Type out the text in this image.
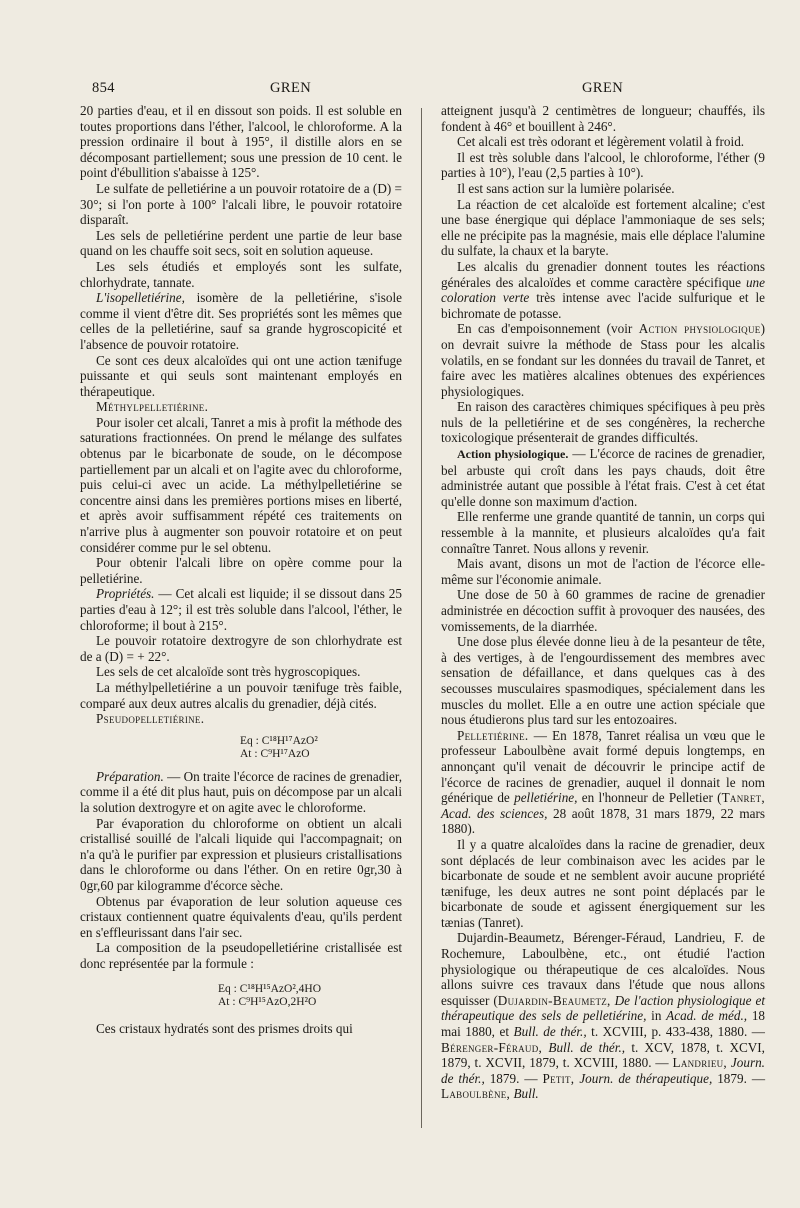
854	GREN	GREN

20 parties d'eau, et il en dissout son poids. Il est soluble en toutes proportions dans l'éther, l'alcool, le chloroforme. A la pression ordinaire il bout à 195°, il distille alors en se décomposant partiellement; sous une pression de 10 cent. le point d'ébullition s'abaisse à 125°.

Le sulfate de pelletiérine a un pouvoir rotatoire de a (D) = 30°; si l'on porte à 100° l'alcali libre, le pouvoir rotatoire disparaît.

Les sels de pelletiérine perdent une partie de leur base quand on les chauffe soit secs, soit en solution aqueuse.

Les sels étudiés et employés sont les sulfate, chlorhydrate, tannate.

L'isopelletiérine, isomère de la pelletiérine, s'isole comme il vient d'être dit. Ses propriétés sont les mêmes que celles de la pelletiérine, sauf sa grande hygroscopicité et l'absence de pouvoir rotatoire.

Ce sont ces deux alcaloïdes qui ont une action tænifuge puissante et qui seuls sont maintenant employés en thérapeutique.

Méthylpelletiérine.

Pour isoler cet alcali, Tanret a mis à profit la méthode des saturations fractionnées. On prend le mélange des sulfates obtenus par le bicarbonate de soude, on le décompose partiellement par un alcali et on l'agite avec du chloroforme, puis celui-ci avec un acide. La méthylpelletiérine se concentre ainsi dans les premières portions mises en liberté, et après avoir suffisamment répété ces traitements on n'arrive plus à augmenter son pouvoir rotatoire et on peut considérer comme pur le sel obtenu.

Pour obtenir l'alcali libre on opère comme pour la pelletiérine.

Propriétés. — Cet alcali est liquide; il se dissout dans 25 parties d'eau à 12°; il est très soluble dans l'alcool, l'éther, le chloroforme; il bout à 215°.

Le pouvoir rotatoire dextrogyre de son chlorhydrate est de a (D) = + 22°.

Les sels de cet alcaloïde sont très hygroscopiques.

La méthylpelletiérine a un pouvoir tænifuge très faible, comparé aux deux autres alcalis du grenadier, déjà cités.

Pseudopelletiérine.

Eq : C¹⁸H¹⁷AzO²
At : C⁹H¹⁷AzO

Préparation. — On traite l'écorce de racines de grenadier, comme il a été dit plus haut, puis on décompose par un alcali la solution dextrogyre et on agite avec le chloroforme.

Par évaporation du chloroforme on obtient un alcali cristallisé souillé de l'alcali liquide qui l'accompagnait; on n'a qu'à le purifier par expression et plusieurs cristallisations dans le chloroforme ou dans l'éther. On en retire 0gr,30 à 0gr,60 par kilogramme d'écorce sèche.

Obtenus par évaporation de leur solution aqueuse ces cristaux contiennent quatre équivalents d'eau, qu'ils perdent en s'effleurissant dans l'air sec.

La composition de la pseudopelletiérine cristallisée est donc représentée par la formule :

Eq : C¹⁸H¹⁵AzO²,4HO
At : C⁹H¹⁵AzO,2H²O

Ces cristaux hydratés sont des prismes droits qui

atteignent jusqu'à 2 centimètres de longueur; chauffés, ils fondent à 46° et bouillent à 246°.

Cet alcali est très odorant et légèrement volatil à froid.

Il est très soluble dans l'alcool, le chloroforme, l'éther (9 parties à 10°), l'eau (2,5 parties à 10°).

Il est sans action sur la lumière polarisée.

La réaction de cet alcaloïde est fortement alcaline; c'est une base énergique qui déplace l'ammoniaque de ses sels; elle ne précipite pas la magnésie, mais elle déplace l'alumine du sulfate, la chaux et la baryte.

Les alcalis du grenadier donnent toutes les réactions générales des alcaloïdes et comme caractère spécifique une coloration verte très intense avec l'acide sulfurique et le bichromate de potasse.

En cas d'empoisonnement (voir Action physiologique) on devrait suivre la méthode de Stass pour les alcalis volatils, en se fondant sur les données du travail de Tanret, et faire avec les matières alcalines obtenues des expériences physiologiques.

En raison des caractères chimiques spécifiques à peu près nuls de la pelletiérine et de ses congénères, la recherche toxicologique présenterait de grandes difficultés.

Action physiologique. — L'écorce de racines de grenadier, bel arbuste qui croît dans les pays chauds, doit être administrée autant que possible à l'état frais. C'est à cet état qu'elle donne son maximum d'action.

Elle renferme une grande quantité de tannin, un corps qui ressemble à la mannite, et plusieurs alcaloïdes qu'a fait connaître Tanret. Nous allons y revenir.

Mais avant, disons un mot de l'action de l'écorce elle-même sur l'économie animale.

Une dose de 50 à 60 grammes de racine de grenadier administrée en décoction suffit à provoquer des nausées, des vomissements, de la diarrhée.

Une dose plus élevée donne lieu à de la pesanteur de tête, à des vertiges, à de l'engourdissement des membres avec sensation de défaillance, et dans quelques cas à des secousses musculaires spasmodiques, spécialement dans les muscles du mollet. Elle a en outre une action spéciale que nous étudierons plus tard sur les entozoaires.

Pelletiérine. — En 1878, Tanret réalisa un vœu que le professeur Laboulbène avait formé depuis longtemps, en annonçant qu'il venait de découvrir le principe actif de l'écorce de racines de grenadier, auquel il donnait le nom générique de pelletiérine, en l'honneur de Pelletier (Tanret, Acad. des sciences, 28 août 1878, 31 mars 1879, 22 mars 1880).

Il y a quatre alcaloïdes dans la racine de grenadier, deux sont déplacés de leur combinaison avec les acides par le bicarbonate de soude et ne semblent avoir aucune propriété tænifuge, les deux autres ne sont point déplacés par le bicarbonate de soude et agissent énergiquement sur les tænias (Tanret).

Dujardin-Beaumetz, Bérenger-Féraud, Landrieu, F. de Rochemure, Laboulbène, etc., ont étudié l'action physiologique ou thérapeutique de ces alcaloïdes. Nous allons suivre ces travaux dans l'étude que nous allons esquisser (Dujardin-Beaumetz, De l'action physiologique et thérapeutique des sels de pelletiérine, in Acad. de méd., 18 mai 1880, et Bull. de thér., t. XCVIII, p. 433-438, 1880. — Bérenger-Féraud, Bull. de thér., t. XCV, 1878, t. XCVI, 1879, t. XCVII, 1879, t. XCVIII, 1880. — Landrieu, Journ. de thér., 1879. — Petit, Journ. de thérapeutique, 1879. — Laboulbène, Bull.
